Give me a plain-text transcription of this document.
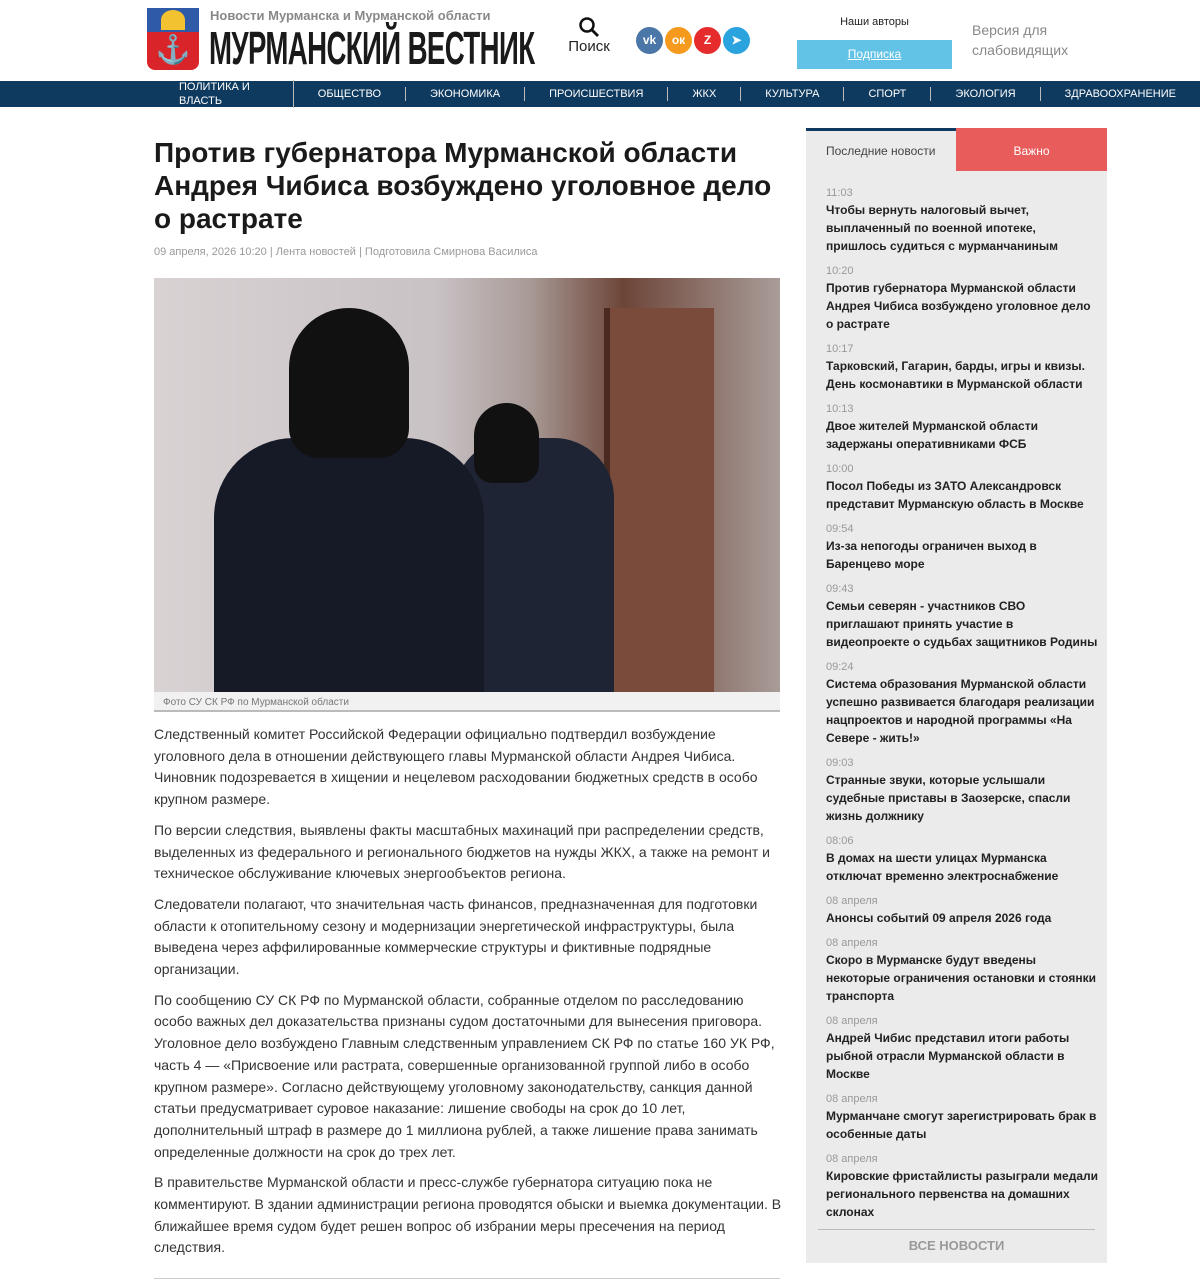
⚓
Новости Мурманска и Мурманской области
МУРМАНСКИЙ ВЕСТНИК Поиск	vk	ок	Z	➤
Наши авторы
Подписка
Версия для слабовидящих
ПОЛИТИКА И ВЛАСТЬ
ОБЩЕСТВО	ЭКОНОМИКА	ПРОИСШЕСТВИЯ	ЖКХ	КУЛЬТУРА	СПОРТ	ЭКОЛОГИЯ	ЗДРАВООХРАНЕНИЕ
Против губернатора Мурманской области Андрея Чибиса возбуждено уголовное дело о растрате
09 апреля, 2026 10:20 | Лента новостей | Подготовила Смирнова Василиса
Фото СУ СК РФ по Мурманской области

Следственный комитет Российской Федерации официально подтвердил возбуждение уголовного дела в отношении действующего главы Мурманской области Андрея Чибиса. Чиновник подозревается в хищении и нецелевом расходовании бюджетных средств в особо крупном размере.

По версии следствия, выявлены факты масштабных махинаций при распределении средств, выделенных из федерального и регионального бюджетов на нужды ЖКХ, а также на ремонт и техническое обслуживание ключевых энергообъектов региона.

Следователи полагают, что значительная часть финансов, предназначенная для подготовки области к отопительному сезону и модернизации энергетической инфраструктуры, была выведена через аффилированные коммерческие структуры и фиктивные подрядные организации.

По сообщению СУ СК РФ по Мурманской области, собранные отделом по расследованию особо важных дел доказательства признаны судом достаточными для вынесения приговора. Уголовное дело возбуждено Главным следственным управлением СК РФ по статье 160 УК РФ, часть 4 — «Присвоение или растрата, совершенные организованной группой либо в особо крупном размере». Согласно действующему уголовному законодательству, санкция данной статьи предусматривает суровое наказание: лишение свободы на срок до 10 лет, дополнительный штраф в размере до 1 миллиона рублей, а также лишение права занимать определенные должности на срок до трех лет.

В правительстве Мурманской области и пресс-службе губернатора ситуацию пока не комментируют. В здании администрации региона проводятся обыски и выемка документации. В ближайшее время судом будет решен вопрос об избрании меры пресечения на период следствия.

Последние новости	Важно
11:03
Чтобы вернуть налоговый вычет, выплаченный по военной ипотеке, пришлось судиться с мурманчаниным
10:20
Против губернатора Мурманской области Андрея Чибиса возбуждено уголовное дело о растрате
10:17
Тарковский, Гагарин, барды, игры и квизы. День космонавтики в Мурманской области
10:13
Двое жителей Мурманской области задержаны оперативниками ФСБ
10:00
Посол Победы из ЗАТО Александровск представит Мурманскую область в Москве
09:54
Из-за непогоды ограничен выход в Баренцево море
09:43
Семьи северян - участников СВО приглашают принять участие в видеопроекте о судьбах защитников Родины
09:24
Система образования Мурманской области успешно развивается благодаря реализации нацпроектов и народной программы «На Севере - жить!»
09:03
Странные звуки, которые услышали судебные приставы в Заозерске, спасли жизнь должнику
08:06
В домах на шести улицах Мурманска отключат временно электроснабжение
08 апреля
Анонсы событий 09 апреля 2026 года
08 апреля
Скоро в Мурманске будут введены некоторые ограничения остановки и стоянки транспорта
08 апреля
Андрей Чибис представил итоги работы рыбной отрасли Мурманской области в Москве
08 апреля
Мурманчане смогут зарегистрировать брак в особенные даты
08 апреля
Кировские фристайлисты разыграли медали регионального первенства на домашних склонах
ВСЕ НОВОСТИ
